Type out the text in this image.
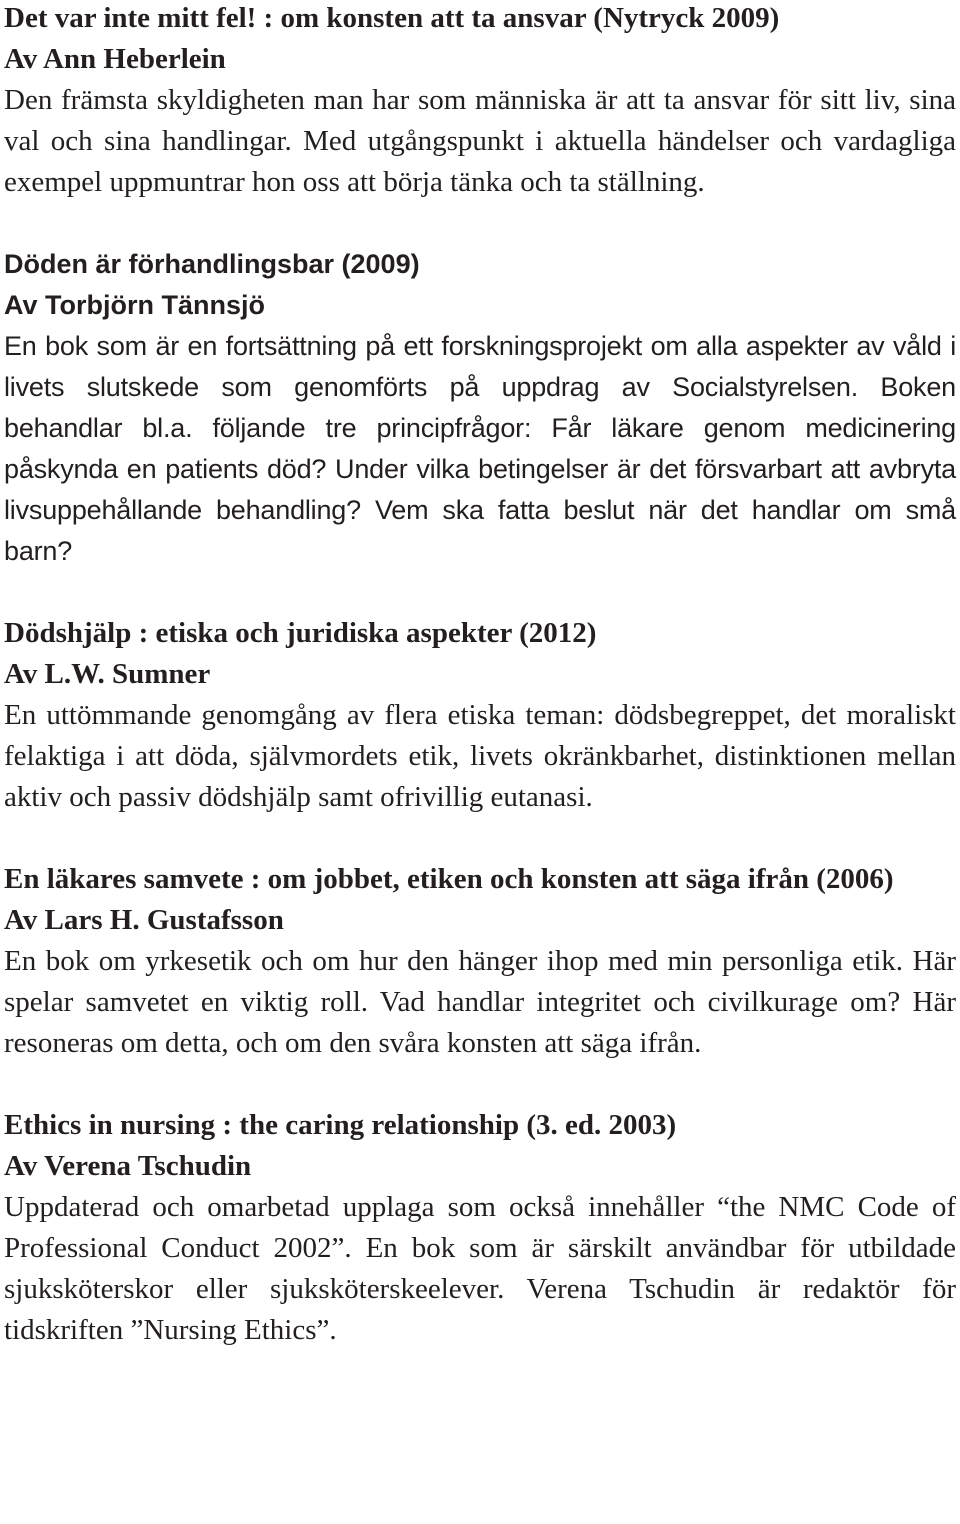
Det var inte mitt fel! : om konsten att ta ansvar (Nytryck 2009)

Av Ann Heberlein

Den främsta skyldigheten man har som människa är att ta ansvar för sitt liv, sina val och sina handlingar. Med utgångspunkt i aktuella händelser och vardagliga exempel uppmuntrar hon oss att börja tänka och ta ställning.

Döden är förhandlingsbar (2009)

Av Torbjörn Tännsjö

En bok som är en fortsättning på ett forskningsprojekt om alla aspekter av våld i livets slutskede som genomförts på uppdrag av Socialstyrelsen. Boken behandlar bl.a. följande tre principfrågor: Får läkare genom medicinering påskynda en patients död? Under vilka betingelser är det försvarbart att avbryta livsuppehållande behandling? Vem ska fatta beslut när det handlar om små barn?

Dödshjälp : etiska och juridiska aspekter (2012)

Av L.W. Sumner

En uttömmande genomgång av flera etiska teman: dödsbegreppet, det moraliskt felaktiga i att döda, självmordets etik, livets okränkbarhet, distinktionen mellan aktiv och passiv dödshjälp samt ofrivillig eutanasi.

En läkares samvete : om jobbet, etiken och konsten att säga ifrån (2006)

Av Lars H. Gustafsson

En bok om yrkesetik och om hur den hänger ihop med min personliga etik. Här spelar samvetet en viktig roll. Vad handlar integritet och civilkurage om? Här resoneras om detta, och om den svåra konsten att säga ifrån.

Ethics in nursing : the caring relationship (3. ed. 2003)

Av Verena Tschudin

Uppdaterad och omarbetad upplaga som också innehåller “the NMC Code of Professional Conduct 2002”. En bok som är särskilt användbar för utbildade sjuksköterskor eller sjuksköterskeelever. Verena Tschudin är redaktör för tidskriften ”Nursing Ethics”.
